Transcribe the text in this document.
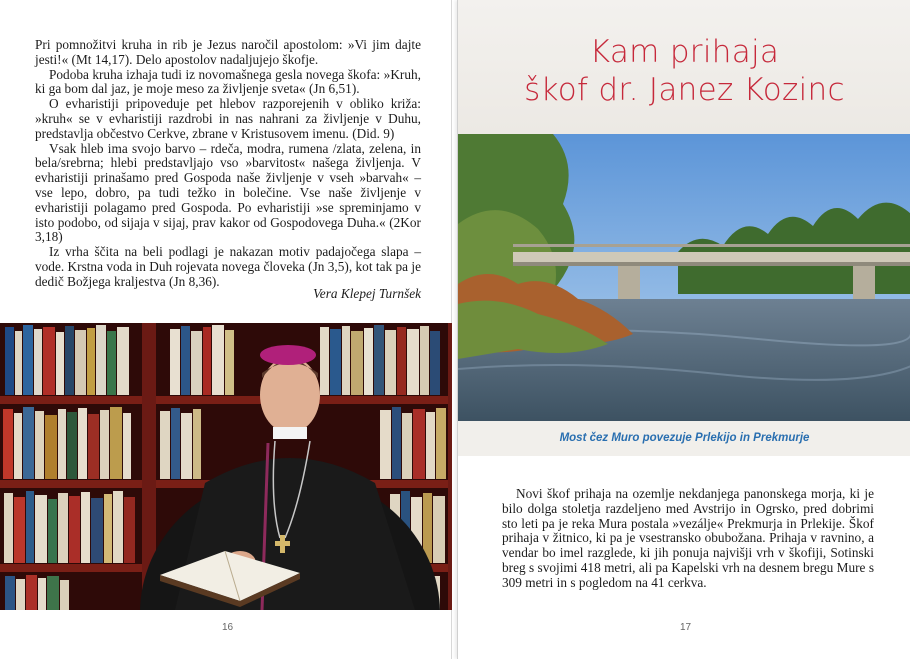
Pri pomnožitvi kruha in rib je Jezus naročil apostolom: »Vi jim dajte jesti!« (Mt 14,17). Delo apostolov nadaljujejo škofje.

Podoba kruha izhaja tudi iz novomašnega gesla novega škofa: »Kruh, ki ga bom dal jaz, je moje meso za življenje sveta« (Jn 6,51).

O evharistiji pripoveduje pet hlebov razporejenih v obliko križa: »kruh« se v evharistiji razdrobi in nas nahrani za življenje v Duhu, predstavlja občestvo Cerkve, zbrane v Kristusovem imenu. (Did. 9)

Vsak hleb ima svojo barvo – rdeča, modra, rumena /zlata, zelena, in bela/srebrna; hlebi predstavljajo vso »barvitost« našega življenja. V evharistiji prinašamo pred Gospoda naše življenje v vseh »barvah« – vse lepo, dobro, pa tudi težko in bolečine. Vse naše življenje v evharistiji polagamo pred Gospoda. Po evharistiji »se spreminjamo v isto podobo, od sijaja v sijaj, prav kakor od Gospodovega Duha.« (2Kor 3,18)

Iz vrha ščita na beli podlagi je nakazan motiv padajočega slapa – vode. Krstna voda in Duh rojevata novega človeka (Jn 3,5), kot tak pa je dedič Božjega kraljestva (Jn 8,36).

Vera Klepej Turnšek
16
Kam prihaja
škof dr. Janez Kozinc
Most čez Muro povezuje Prlekijo in Prekmurje
Novi škof prihaja na ozemlje nekdanjega panonskega morja, ki je bilo dolga stoletja razdeljeno med Avstrijo in Ogrsko, pred dobrimi sto leti pa je reka Mura postala »vezálje« Prekmurja in Prlekije. Škof prihaja v žitnico, ki pa je vsestransko obubožana. Prihaja v ravnino, a vendar bo imel razglede, ki jih ponuja najvišji vrh v škofiji, Sotinski breg s svojimi 418 metri, ali pa Kapelski vrh na desnem bregu Mure s 309 metri in s pogledom na 41 cerkva.
17
